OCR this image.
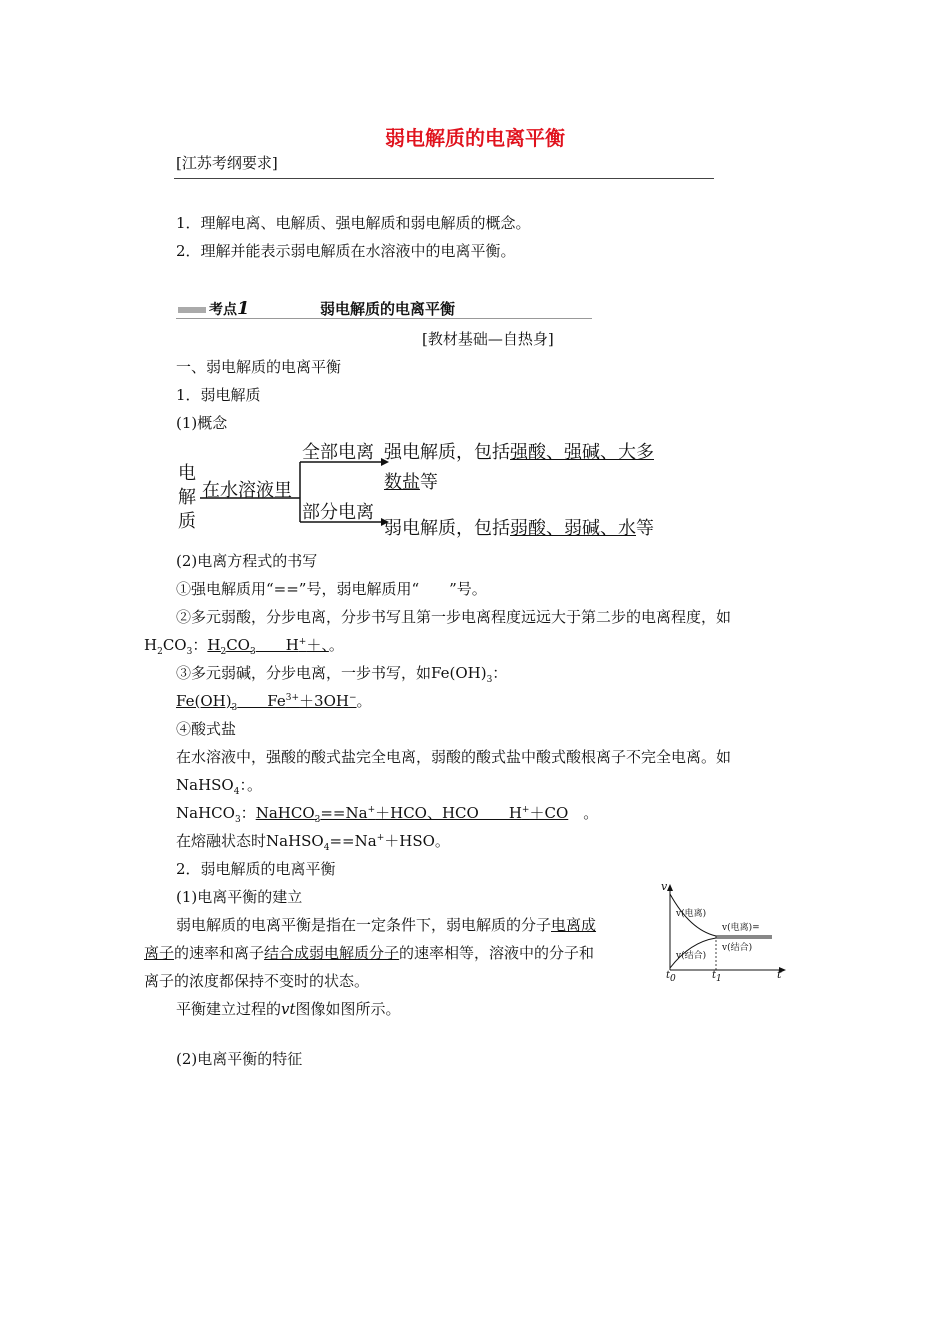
弱电解质的电离平衡
[江苏考纲要求]
1．理解电离、电解质、强电解质和弱电解质的概念。
2．理解并能表示弱电解质在水溶液中的电离平衡。
考点1	弱电解质的电离平衡
[教材基础—自热身]
一、弱电解质的电离平衡
1．弱电解质
(1)概念
电
解
质
在水溶液里
全部电离 强电解质，包括强酸、强碱、大多
数盐等
部分电离
弱电解质，包括弱酸、弱碱、水等
(2)电离方程式的书写
①强电解质用“==”号，弱电解质用“　　”号。
②多元弱酸，分步电离，分步书写且第一步电离程度远远大于第二步的电离程度，如
$H_2CO_3$：$H_2CO_3$　　H+＋、。
③多元弱碱，分步电离，一步书写，如$Fe(OH)_3$：
$Fe(OH)_3$　　$Fe^{3+}+3OH^-$。
④酸式盐
在水溶液中，强酸的酸式盐完全电离，弱酸的酸式盐中酸式酸根离子不完全电离。如
NaHSO$_4$：。
NaHCO$_3$：NaHCO$_3$==Na+＋HCO、HCO　　H+＋CO　。
在熔融状态时NaHSO$_4$==Na+＋HSO。
2．弱电解质的电离平衡
(1)电离平衡的建立
弱电解质的电离平衡是指在一定条件下，弱电解质的分子电离成
离子的速率和离子结合成弱电解质分子的速率相等，溶液中的分子和
离子的浓度都保持不变时的状态。
平衡建立过程的vt图像如图所示。
(2)电离平衡的特征
v
t
$t_0$	$t_1$
v(电离)
v(结合)
v(电离)=
v(结合)
